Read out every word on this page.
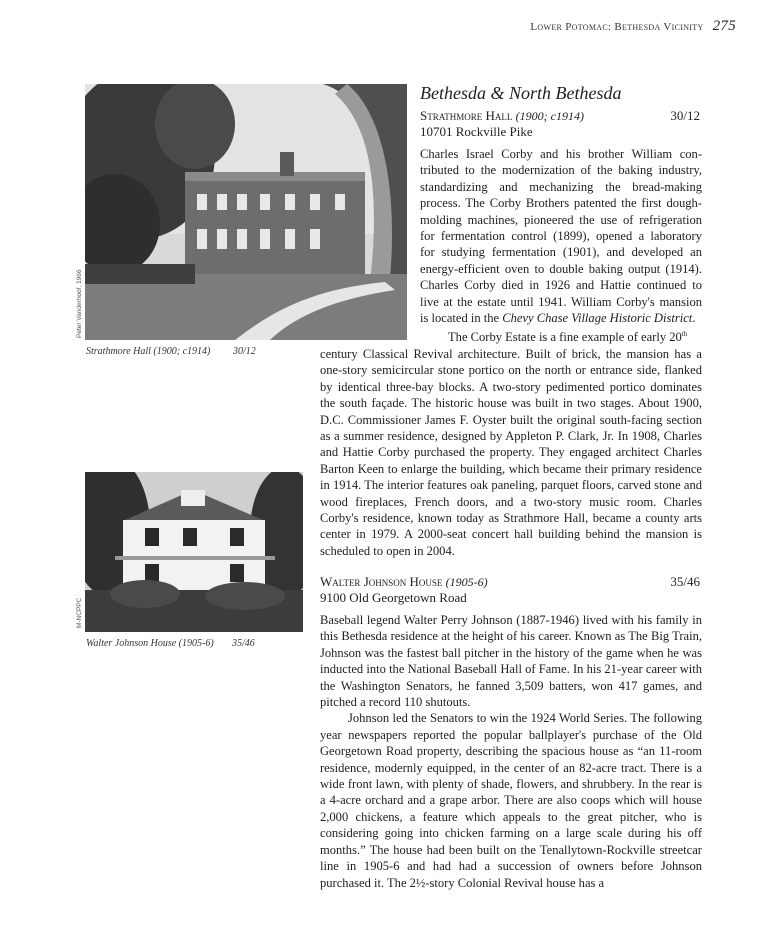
Lower Potomac: Bethesda Vicinity 275
Peter Vanderhoof, 1966
Strathmore Hall (1900; c1914) 30/12
M-NCPPC
Walter Johnson House (1905-6) 35/46
Bethesda & North Bethesda
Strathmore Hall (1900; c1914)	30/12
10701 Rockville Pike
Charles Israel Corby and his brother William con-
tributed to the modernization of the baking industry,
standardizing and mechanizing the bread-making
process. The Corby Brothers patented the first dough-
molding machines, pioneered the use of refrigeration
for fermentation control (1899), opened a laboratory
for studying fermentation (1901), and developed an
energy-efficient oven to double baking output (1914).
Charles Corby died in 1926 and Hattie continued to
live at the estate until 1941. William Corby's mansion
is located in the Chevy Chase Village Historic District.
The Corby Estate is a fine example of early 20th

century Classical Revival architecture. Built of brick, the mansion has a one-story semicircular stone portico on the north or entrance side, flanked by identical three-bay blocks. A two-story pedimented portico dominates the south façade. The historic house was built in two stages. About 1900, D.C. Commissioner James F. Oyster built the original south-facing section as a summer residence, designed by Appleton P. Clark, Jr. In 1908, Charles and Hattie Corby purchased the property. They engaged architect Charles Barton Keen to enlarge the building, which became their primary residence in 1914. The interior features oak paneling, parquet floors, carved stone and wood fireplaces, French doors, and a two-story music room. Charles Corby's residence, known today as Strathmore Hall, became a county arts center in 1979. A 2000-seat concert hall building behind the mansion is scheduled to open in 2004.

Walter Johnson House (1905-6)	35/46
9100 Old Georgetown Road

Baseball legend Walter Perry Johnson (1887-1946) lived with his family in this Bethesda residence at the height of his career. Known as The Big Train, Johnson was the fastest ball pitcher in the history of the game when he was inducted into the National Baseball Hall of Fame. In his 21-year career with the Washington Senators, he fanned 3,509 batters, won 417 games, and pitched a record 110 shutouts.

Johnson led the Senators to win the 1924 World Series. The following year newspapers reported the popular ballplayer's purchase of the Old Georgetown Road property, describing the spacious house as “an 11-room residence, modernly equipped, in the center of an 82-acre tract. There is a wide front lawn, with plenty of shade, flowers, and shrubbery. In the rear is a 4-acre orchard and a grape arbor. There are also coops which will house 2,000 chickens, a feature which appeals to the great pitcher, who is considering going into chicken farming on a large scale during his off months.” The house had been built on the Tenallytown-Rockville streetcar line in 1905-6 and had had a succession of owners before Johnson purchased it. The 2½-story Colonial Revival house has a
